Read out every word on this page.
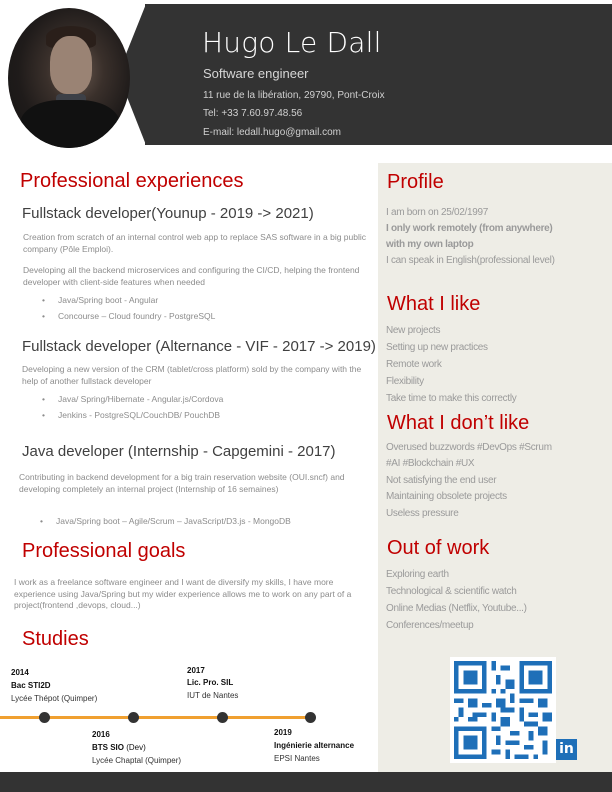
Hugo Le Dall
Software engineer
11 rue de la libération, 29790, Pont-Croix
Tel: +33 7.60.97.48.56
E-mail: ledall.hugo@gmail.com
Profile
I am born on 25/02/1997
I only work remotely (from anywhere)
with my own laptop
I can speak in English(professional level)
What I like
New projects
Setting up new practices
Remote work
Flexibility
Take time to make this correctly
What I don’t like
Overused buzzwords #DevOps #Scrum
#AI #Blockchain #UX
Not satisfying the end user
Maintaining obsolete projects
Useless pressure
Out of work
Exploring earth
Technological & scientific watch
Online Medias (Netflix, Youtube...)
Conferences/meetup
in
Professional experiences
Fullstack developer(Younup - 2019 -> 2021)
Creation from scratch of an internal control web app to replace SAS software in a big public company (Pôle Emploi).
Developing all the backend microservices and configuring the CI/CD, helping the frontend developer with client-side features when needed
• Java/Spring boot - Angular
• Concourse – Cloud foundry - PostgreSQL
Fullstack developer (Alternance - VIF - 2017 -> 2019)
Developing a new version of the CRM (tablet/cross platform) sold by the company with the help of another fullstack developer
• Java/ Spring/Hibernate - Angular.js/Cordova
• Jenkins - PostgreSQL/CouchDB/ PouchDB
Java developer (Internship - Capgemini - 2017)
Contributing in backend development for a big train reservation website (OUI.sncf) and developing completely an internal project (Internship of 16 semaines)
• Java/Spring boot – Agile/Scrum – JavaScript/D3.js - MongoDB
Professional goals
I work as a freelance software engineer and I want de diversify my skills, I have more experience using Java/Spring but my wider experience allows me to work on any part of a project(frontend ,devops, cloud...)
Studies
2014
Bac STI2D
Lycée Thépot (Quimper)
2016
BTS SIO (Dev)
Lycée Chaptal (Quimper)
2017
Lic. Pro. SIL
IUT de Nantes
2019
Ingénierie alternance
EPSI Nantes
